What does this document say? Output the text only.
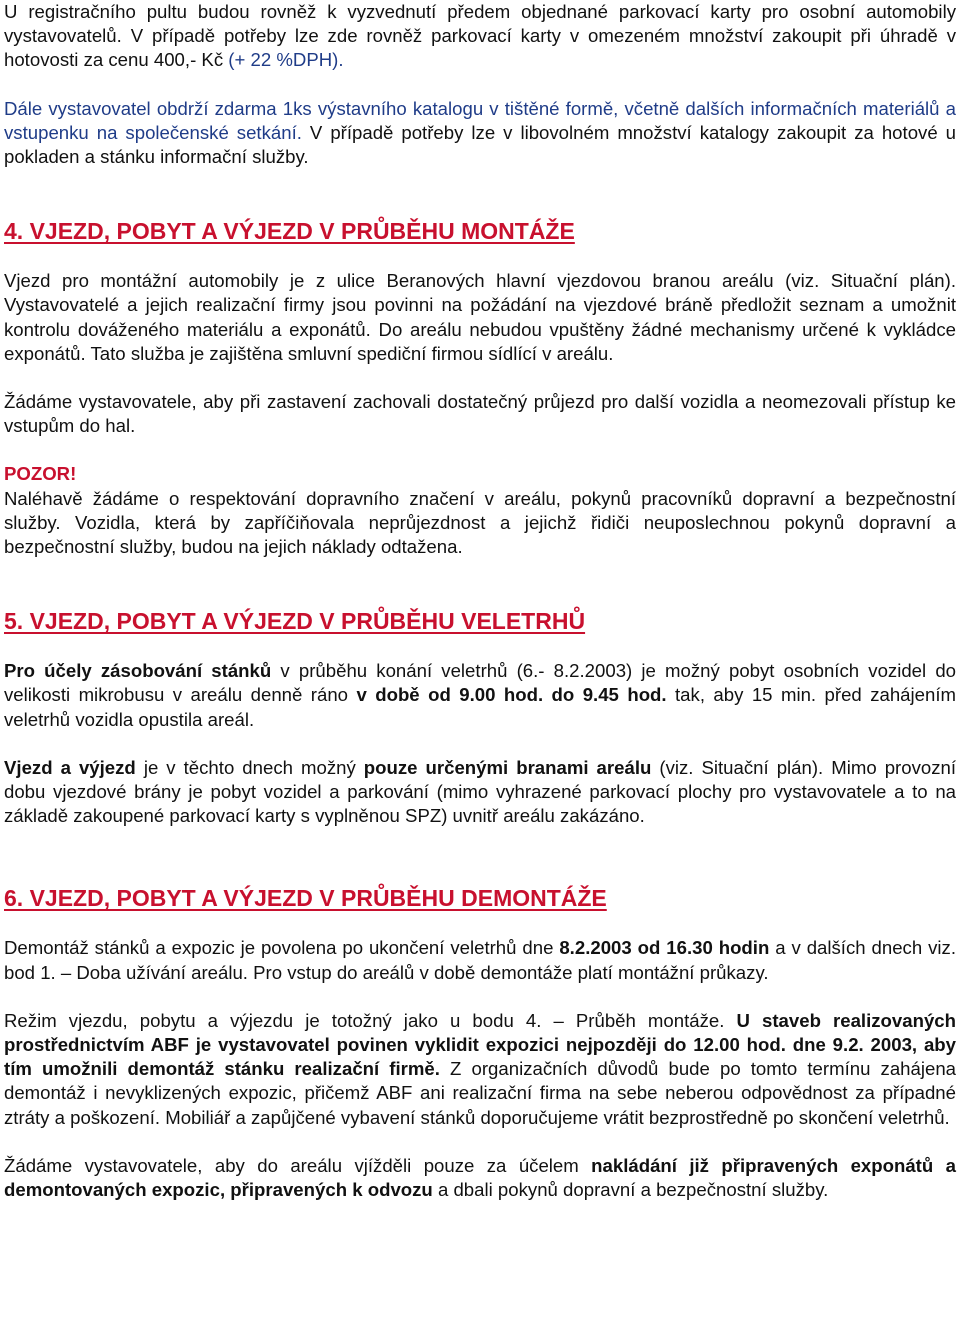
U registračního pultu budou rovněž k vyzvednutí předem objednané parkovací karty pro osobní automobily vystavovatelů. V případě potřeby lze zde rovněž parkovací karty v omezeném množství zakoupit při úhradě v hotovosti za cenu 400,- Kč (+ 22 %DPH).

Dále vystavovatel obdrží zdarma 1ks výstavního katalogu v tištěné formě, včetně dalších informačních materiálů a vstupenku na společenské setkání. V případě potřeby lze v libovolném množství katalogy zakoupit za hotové u pokladen a stánku informační služby.

4. VJEZD, POBYT A VÝJEZD V PRŮBĚHU MONTÁŽE

Vjezd pro montážní automobily je z ulice Beranových hlavní vjezdovou branou areálu (viz. Situační plán). Vystavovatelé a jejich realizační firmy jsou povinni na požádání na vjezdové bráně předložit seznam a umožnit kontrolu dováženého materiálu a exponátů. Do areálu nebudou vpuštěny žádné mechanismy určené k vykládce exponátů. Tato služba je zajištěna smluvní spediční firmou sídlící v areálu.

Žádáme vystavovatele, aby při zastavení zachovali dostatečný průjezd pro další vozidla a neomezovali přístup ke vstupům do hal.

POZOR!

Naléhavě žádáme o respektování dopravního značení v areálu, pokynů pracovníků dopravní a bezpečnostní služby. Vozidla, která by zapříčiňovala neprůjezdnost a jejichž řidiči neuposlechnou pokynů dopravní a bezpečnostní služby, budou na jejich náklady odtažena.

5. VJEZD, POBYT A VÝJEZD V PRŮBĚHU VELETRHŮ

Pro účely zásobování stánků v průběhu konání veletrhů (6.- 8.2.2003) je možný pobyt osobních vozidel do velikosti mikrobusu v areálu denně ráno v době od 9.00 hod. do 9.45 hod. tak, aby 15 min. před zahájením veletrhů vozidla opustila areál.

Vjezd a výjezd je v těchto dnech možný pouze určenými branami areálu (viz. Situační plán). Mimo provozní dobu vjezdové brány je pobyt vozidel a parkování (mimo vyhrazené parkovací plochy pro vystavovatele a to na základě zakoupené parkovací karty s vyplněnou SPZ) uvnitř areálu zakázáno.

6. VJEZD, POBYT A VÝJEZD V PRŮBĚHU DEMONTÁŽE

Demontáž stánků a expozic je povolena po ukončení veletrhů dne 8.2.2003 od 16.30 hodin a v dalších dnech viz. bod 1. – Doba užívání areálu. Pro vstup do areálů v době demontáže platí montážní průkazy.

Režim vjezdu, pobytu a výjezdu je totožný jako u bodu 4. – Průběh montáže. U staveb realizovaných prostřednictvím ABF je vystavovatel povinen vyklidit expozici nejpozději do 12.00 hod. dne 9.2. 2003, aby tím umožnili demontáž stánku realizační firmě. Z organizačních důvodů bude po tomto termínu zahájena demontáž i nevyklizených expozic, přičemž ABF ani realizační firma na sebe neberou odpovědnost za případné ztráty a poškození. Mobiliář a zapůjčené vybavení stánků doporučujeme vrátit bezprostředně po skončení veletrhů.

Žádáme vystavovatele, aby do areálu vjížděli pouze za účelem nakládání již připravených exponátů a demontovaných expozic, připravených k odvozu a dbali pokynů dopravní a bezpečnostní služby.
